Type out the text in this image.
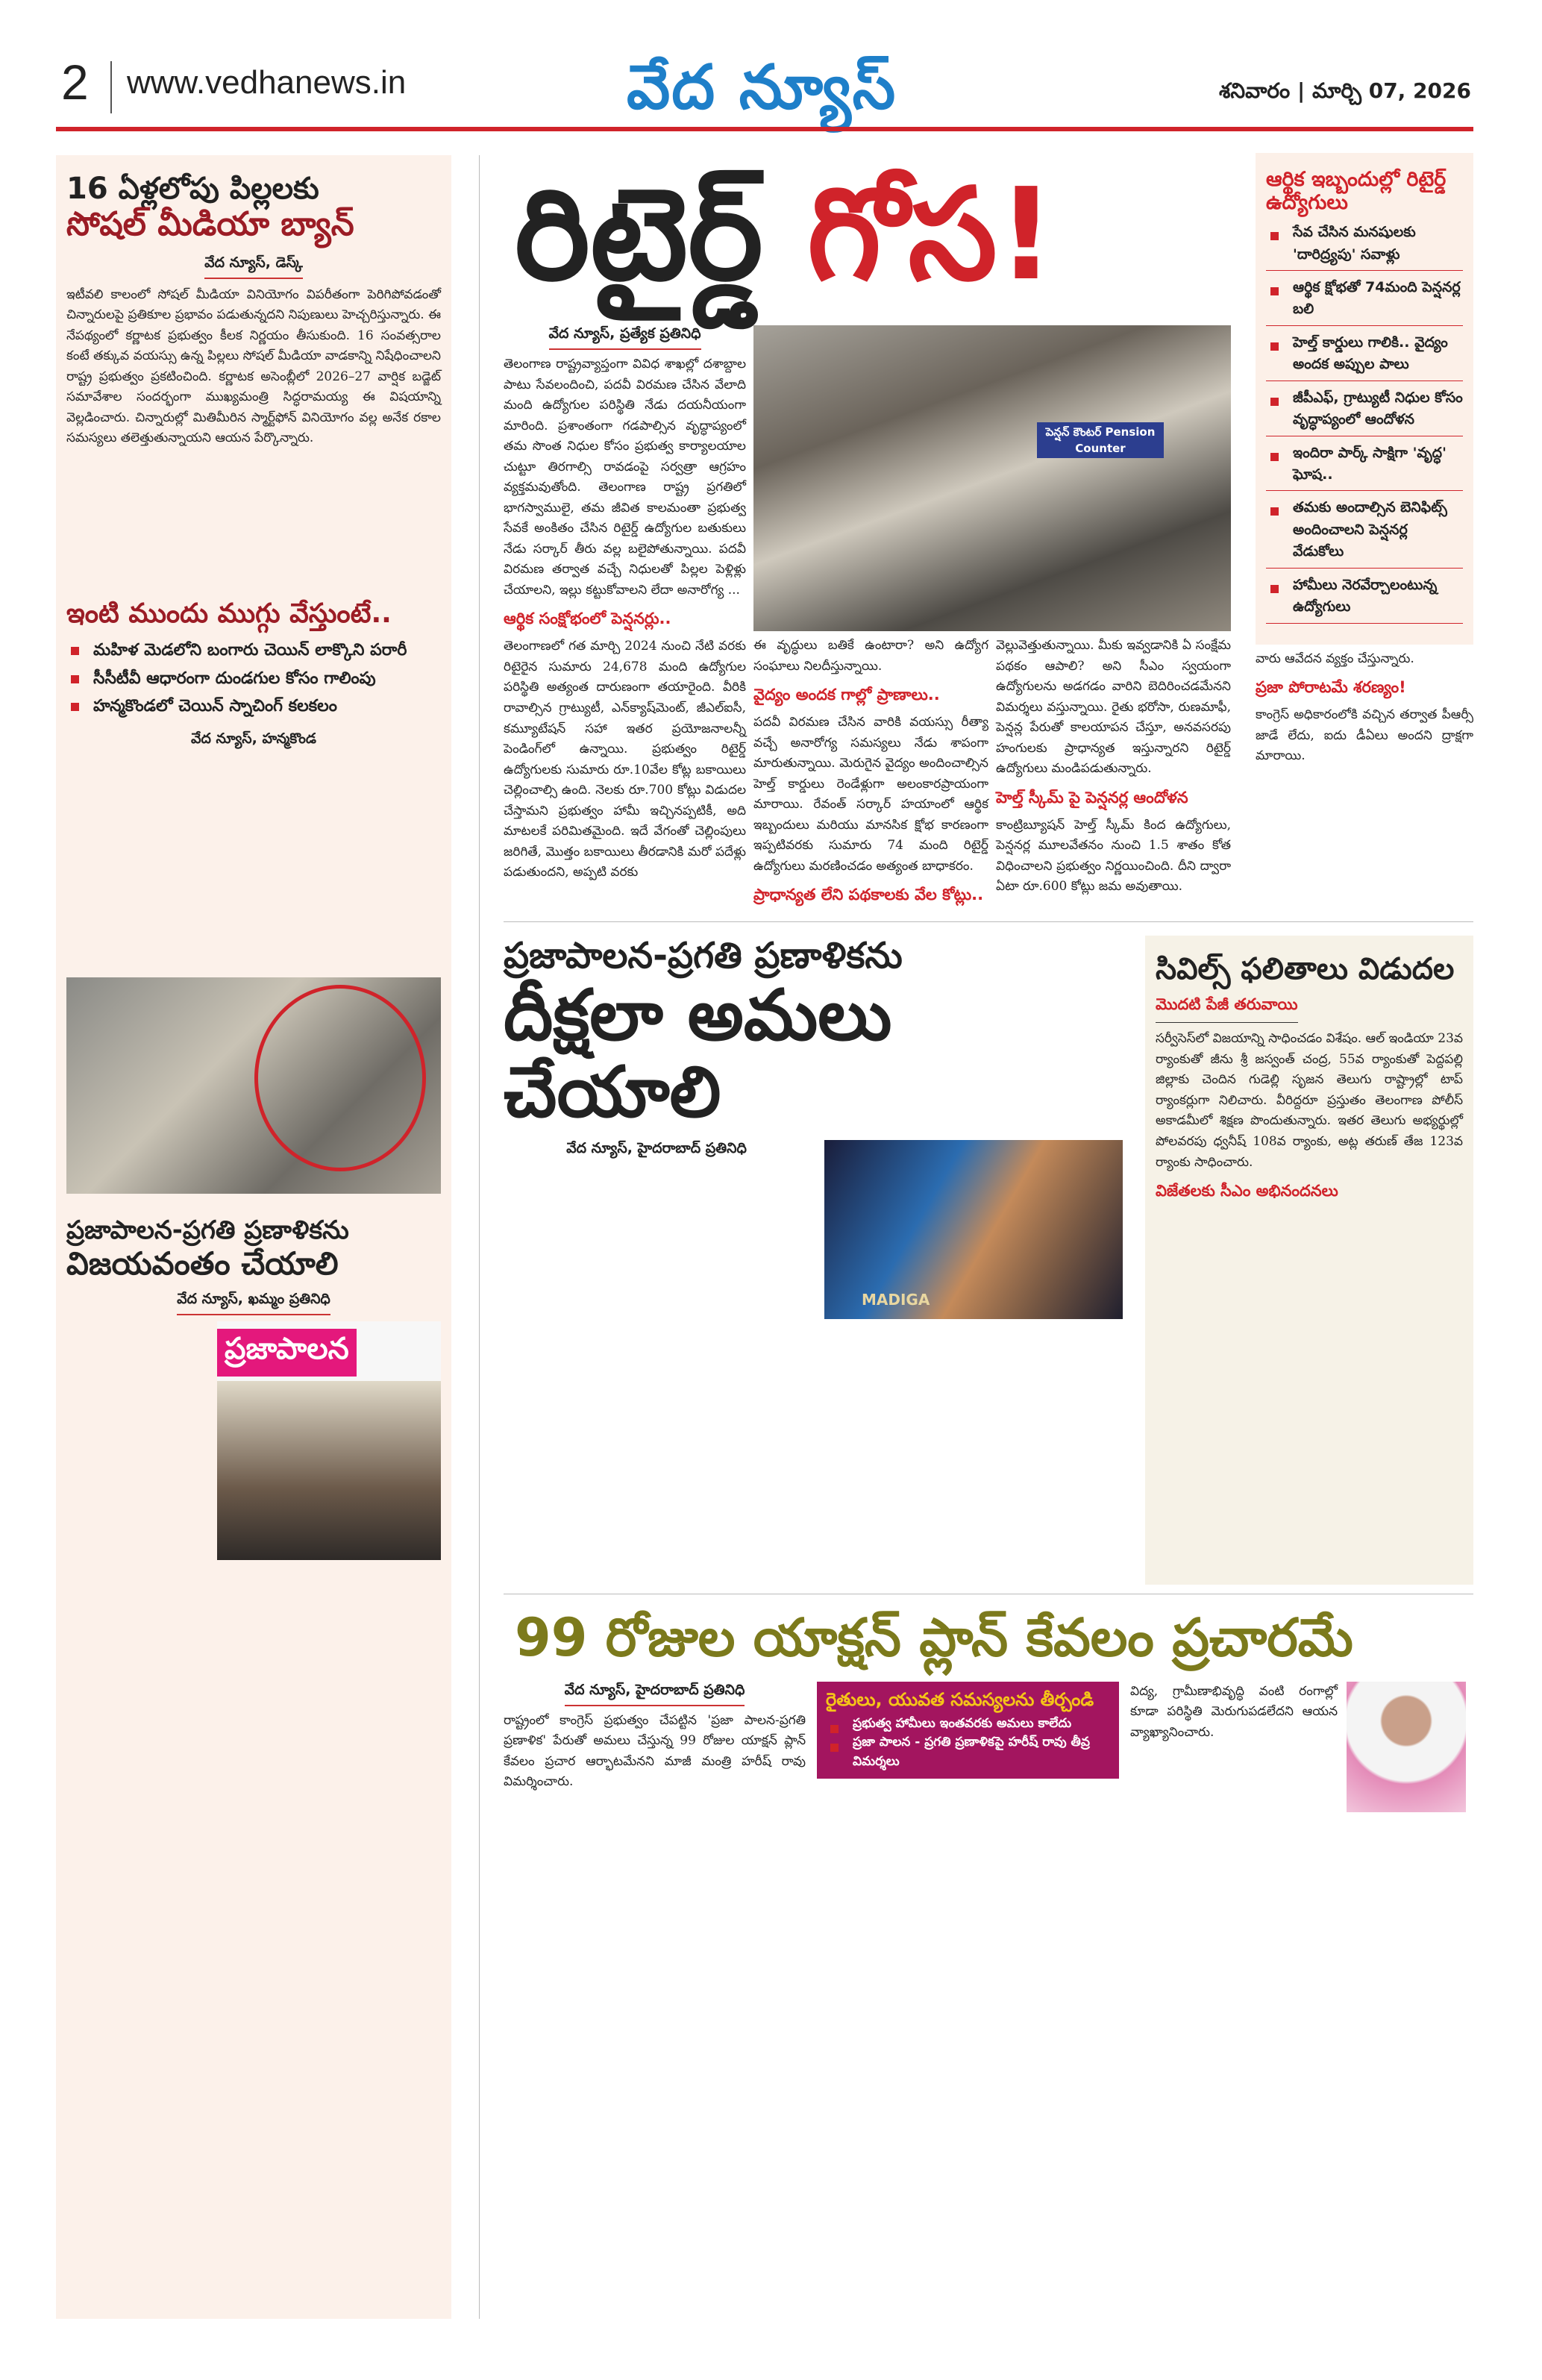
2 www.vedhanews.in	వేద న్యూస్	శనివారం | మార్చి 07, 2026
16 ఏళ్లలోపు పిల్లలకు
సోషల్ మీడియా బ్యాన్
వేద న్యూస్, డెస్క్

ఇటీవలి కాలంలో సోషల్ మీడియా వినియోగం విపరీతంగా పెరిగిపోవడంతో చిన్నారులపై ప్రతికూల ప్రభావం పడుతున్నదని నిపుణులు హెచ్చరిస్తున్నారు. ఈ నేపథ్యంలో కర్ణాటక ప్రభుత్వం కీలక నిర్ణయం తీసుకుంది. 16 సంవత్సరాల కంటే తక్కువ వయస్సు ఉన్న పిల్లలు సోషల్ మీడియా వాడకాన్ని నిషేధించాలని రాష్ట్ర ప్రభుత్వం ప్రకటించింది. కర్ణాటక అసెంబ్లీలో 2026–27 వార్షిక బడ్జెట్ సమావేశాల సందర్భంగా ముఖ్యమంత్రి సిద్ధరామయ్య ఈ విషయాన్ని వెల్లడించారు. చిన్నారుల్లో మితిమీరిన స్మార్ట్‌ఫోన్ వినియోగం వల్ల అనేక రకాల సమస్యలు తలెత్తుతున్నాయని ఆయన పేర్కొన్నారు.

ఇంటి ముందు ముగ్గు వేస్తుంటే..
మహిళ మెడలోని బంగారు చెయిన్ లాక్కొని పరారీ
సీసీటీవీ ఆధారంగా దుండగుల కోసం గాలింపు
హన్మకొండలో చెయిన్ స్నాచింగ్ కలకలం
వేద న్యూస్, హన్మకొండ
ప్రజాపాలన-ప్రగతి ప్రణాళికను
విజయవంతం చేయాలి
వేద న్యూస్, ఖమ్మం ప్రతినిధి
ప్రజాపాలన
రిటైర్డ్ గోస!
వేద న్యూస్, ప్రత్యేక ప్రతినిధి

తెలంగాణ రాష్ట్రవ్యాప్తంగా వివిధ శాఖల్లో దశాబ్దాల పాటు సేవలందించి, పదవీ విరమణ చేసిన వేలాది మంది ఉద్యోగుల పరిస్థితి నేడు దయనీయంగా మారింది. ప్రశాంతంగా గడపాల్సిన వృద్ధాప్యంలో తమ సొంత నిధుల కోసం ప్రభుత్వ కార్యాలయాల చుట్టూ తిరగాల్సి రావడంపై సర్వత్రా ఆగ్రహం వ్యక్తమవుతోంది. తెలంగాణ రాష్ట్ర ప్రగతిలో భాగస్వాములై, తమ జీవిత కాలమంతా ప్రభుత్వ సేవకే అంకితం చేసిన రిటైర్డ్ ఉద్యోగుల బతుకులు నేడు సర్కార్ తీరు వల్ల బలైపోతున్నాయి. పదవీ విరమణ తర్వాత వచ్చే నిధులతో పిల్లల పెళ్లిళ్లు చేయాలని, ఇల్లు కట్టుకోవాలని లేదా అనారోగ్య ...

ఆర్థిక సంక్షోభంలో పెన్షనర్లు..

తెలంగాణలో గత మార్చి 2024 నుంచి నేటి వరకు రిటైరైన సుమారు 24,678 మంది ఉద్యోగుల పరిస్థితి అత్యంత దారుణంగా తయారైంది. వీరికి రావాల్సిన గ్రాట్యుటీ, ఎన్‌క్యాష్‌మెంట్, జీఎల్ఐసీ, కమ్యూటేషన్ సహా ఇతర ప్రయోజనాలన్నీ పెండింగ్‌లో ఉన్నాయి. ప్రభుత్వం రిటైర్డ్ ఉద్యోగులకు సుమారు రూ.10వేల కోట్ల బకాయిలు చెల్లించాల్సి ఉంది. నెలకు రూ.700 కోట్లు విడుదల చేస్తామని ప్రభుత్వం హామీ ఇచ్చినప్పటికీ, అది మాటలకే పరిమితమైంది. ఇదే వేగంతో చెల్లింపులు జరిగితే, మొత్తం బకాయిలు తీరడానికి మరో పదేళ్లు పడుతుందని, అప్పటి వరకు

పెన్షన్ కౌంటర్ Pension Counter

ఈ వృద్ధులు బతికే ఉంటారా? అని ఉద్యోగ సంఘాలు నిలదీస్తున్నాయి.

వైద్యం అందక గాల్లో ప్రాణాలు..

పదవీ విరమణ చేసిన వారికి వయస్సు రీత్యా వచ్చే అనారోగ్య సమస్యలు నేడు శాపంగా మారుతున్నాయి. మెరుగైన వైద్యం అందించాల్సిన హెల్త్ కార్డులు రెండేళ్లుగా అలంకారప్రాయంగా మారాయి. రేవంత్ సర్కార్ హయాంలో ఆర్థిక ఇబ్బందులు మరియు మానసిక క్షోభ కారణంగా ఇప్పటివరకు సుమారు 74 మంది రిటైర్డ్ ఉద్యోగులు మరణించడం అత్యంత బాధాకరం.

ప్రాధాన్యత లేని పథకాలకు వేల కోట్లు..

వెల్లువెత్తుతున్నాయి. మీకు ఇవ్వడానికి ఏ సంక్షేమ పథకం ఆపాలి? అని సీఎం స్వయంగా ఉద్యోగులను అడగడం వారిని బెదిరించడమేనని విమర్శలు వస్తున్నాయి. రైతు భరోసా, రుణమాఫీ, పెన్షన్ల పేరుతో కాలయాపన చేస్తూ, అనవసరపు హంగులకు ప్రాధాన్యత ఇస్తున్నారని రిటైర్డ్ ఉద్యోగులు మండిపడుతున్నారు.

హెల్త్ స్కీమ్ పై పెన్షనర్ల ఆందోళన

కాంట్రిబ్యూషన్ హెల్త్ స్కీమ్ కింద ఉద్యోగులు, పెన్షనర్ల మూలవేతనం నుంచి 1.5 శాతం కోత విధించాలని ప్రభుత్వం నిర్ణయించింది. దీని ద్వారా ఏటా రూ.600 కోట్లు జమ అవుతాయి.

ఆర్థిక ఇబ్బందుల్లో రిటైర్డ్ ఉద్యోగులు
సేవ చేసిన మనషులకు 'దారిద్ర్యపు' సవాళ్లు
ఆర్థిక క్షోభతో 74మంది పెన్షనర్ల బలి
హెల్త్ కార్డులు గాలికి.. వైద్యం అందక అప్పుల పాలు
జీపీఎఫ్, గ్రాట్యుటీ నిధుల కోసం వృద్ధాప్యంలో ఆందోళన
ఇందిరా పార్క్ సాక్షిగా 'వృద్ధ' ఘోష..
తమకు అందాల్సిన బెనిఫిట్స్ అందించాలని పెన్షనర్ల వేడుకోలు
హామీలు నెరవేర్చాలంటున్న ఉద్యోగులు

వారు ఆవేదన వ్యక్తం చేస్తున్నారు.

ప్రజా పోరాటమే శరణ్యం!

కాంగ్రెస్ అధికారంలోకి వచ్చిన తర్వాత పీఆర్సీ జాడే లేదు, ఐదు డీఏలు అందని ద్రాక్షగా మారాయి.

ప్రజాపాలన-ప్రగతి ప్రణాళికను
దీక్షలా అమలు చేయాలి
వేద న్యూస్, హైదరాబాద్ ప్రతినిధి
MADIGA
సివిల్స్ ఫలితాలు విడుదల
మొదటి పేజీ తరువాయి

సర్వీసెస్‌లో విజయాన్ని సాధించడం విశేషం. ఆల్ ఇండియా 23వ ర్యాంకుతో జీను శ్రీ జస్వంత్ చంద్ర, 55వ ర్యాంకుతో పెద్దపల్లి జిల్లాకు చెందిన గుడెల్లి సృజన తెలుగు రాష్ట్రాల్లో టాప్ ర్యాంకర్లుగా నిలిచారు. వీరిద్దరూ ప్రస్తుతం తెలంగాణ పోలీస్ అకాడమీలో శిక్షణ పొందుతున్నారు. ఇతర తెలుగు అభ్యర్థుల్లో పోలవరపు ధ్వనీష్ 108వ ర్యాంకు, అట్ల తరుణ్ తేజ 123వ ర్యాంకు సాధించారు.

విజేతలకు సీఎం అభినందనలు
99 రోజుల యాక్షన్ ప్లాన్ కేవలం ప్రచారమే
వేద న్యూస్, హైదరాబాద్ ప్రతినిధి

రాష్ట్రంలో కాంగ్రెస్ ప్రభుత్వం చేపట్టిన 'ప్రజా పాలన-ప్రగతి ప్రణాళిక' పేరుతో అమలు చేస్తున్న 99 రోజుల యాక్షన్ ప్లాన్ కేవలం ప్రచార ఆర్భాటమేనని మాజీ మంత్రి హరీష్ రావు విమర్శించారు.

రైతులు, యువత సమస్యలను తీర్చండి
ప్రభుత్వ హామీలు ఇంతవరకు అమలు కాలేదు
ప్రజా పాలన - ప్రగతి ప్రణాళికపై హరీష్ రావు తీవ్ర విమర్శలు

విద్య, గ్రామీణాభివృద్ధి వంటి రంగాల్లో కూడా పరిస్థితి మెరుగుపడలేదని ఆయన వ్యాఖ్యానించారు.
